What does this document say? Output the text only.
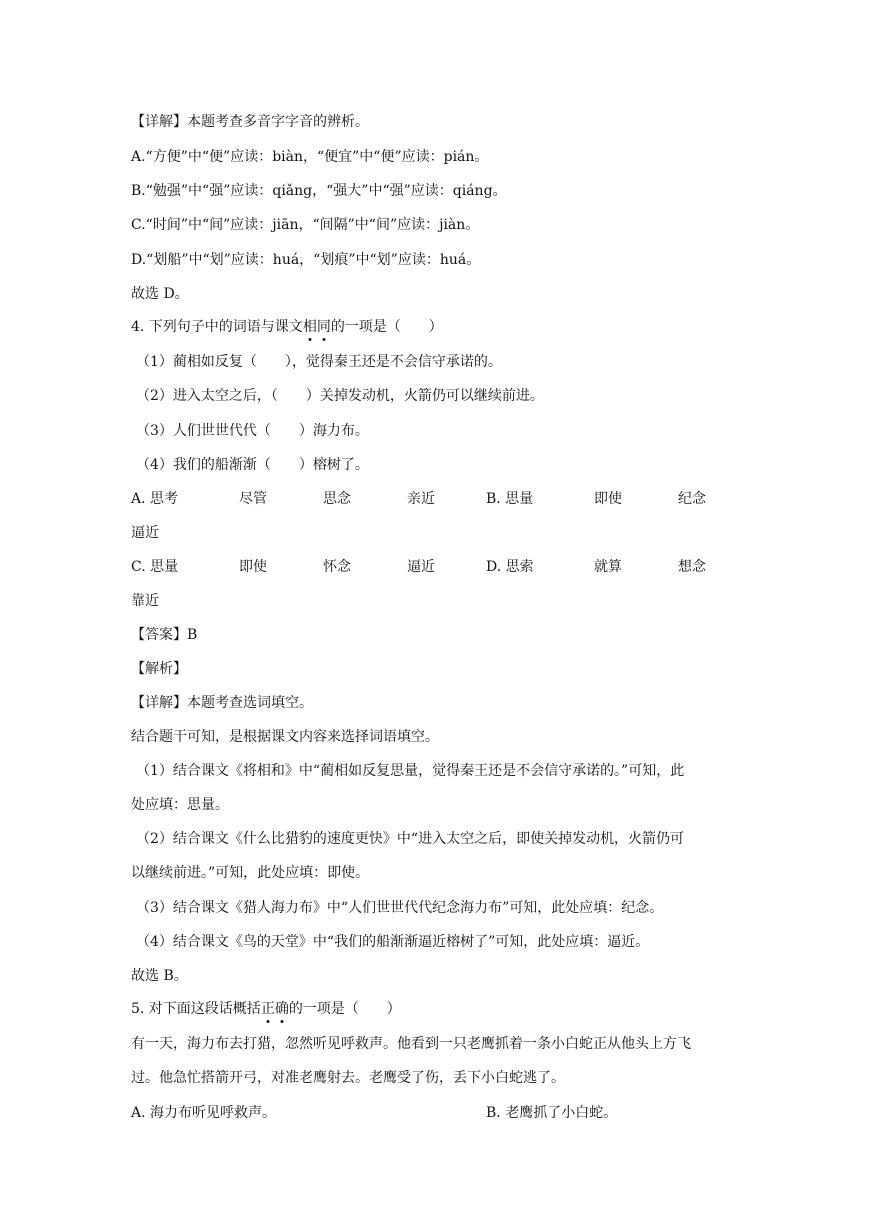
【详解】本题考查多音字字音的辨析。
A.“方便”中“便”应读：biàn，“便宜”中“便”应读：pián。
B.“勉强”中“强”应读：qiǎng，“强大”中“强”应读：qiáng。
C.“时间”中“间”应读：jiān，“间隔”中“间”应读：jiàn。
D.“划船”中“划”应读：huá，“划痕”中“划”应读：huá。
故选 D。
4. 下列句子中的词语与课文相同的一项是（　　）
（1）蔺相如反复（　　），觉得秦王还是不会信守承诺的。
（2）进入太空之后，（　　）关掉发动机，火箭仍可以继续前进。
（3）人们世世代代（　　）海力布。
（4）我们的船渐渐（　　）榕树了。
A. 思考	尽管	思念	亲近	B. 思量	即使	纪念
逼近
C. 思量	即使	怀念	逼近	D. 思索	就算	想念
靠近
【答案】B
【解析】
【详解】本题考查选词填空。
结合题干可知，是根据课文内容来选择词语填空。
（1）结合课文《将相和》中“蔺相如反复思量，觉得秦王还是不会信守承诺的。”可知，此
处应填：思量。
（2）结合课文《什么比猎豹的速度更快》中“进入太空之后，即使关掉发动机，火箭仍可
以继续前进。”可知，此处应填：即使。
（3）结合课文《猎人海力布》中“人们世世代代纪念海力布”可知，此处应填：纪念。
（4）结合课文《鸟的天堂》中“我们的船渐渐逼近榕树了”可知，此处应填：逼近。
故选 B。
5. 对下面这段话概括正确的一项是（　　）
有一天，海力布去打猎，忽然听见呼救声。他看到一只老鹰抓着一条小白蛇正从他头上方飞
过。他急忙搭箭开弓，对准老鹰射去。老鹰受了伤，丢下小白蛇逃了。
A. 海力布听见呼救声。	B. 老鹰抓了小白蛇。
